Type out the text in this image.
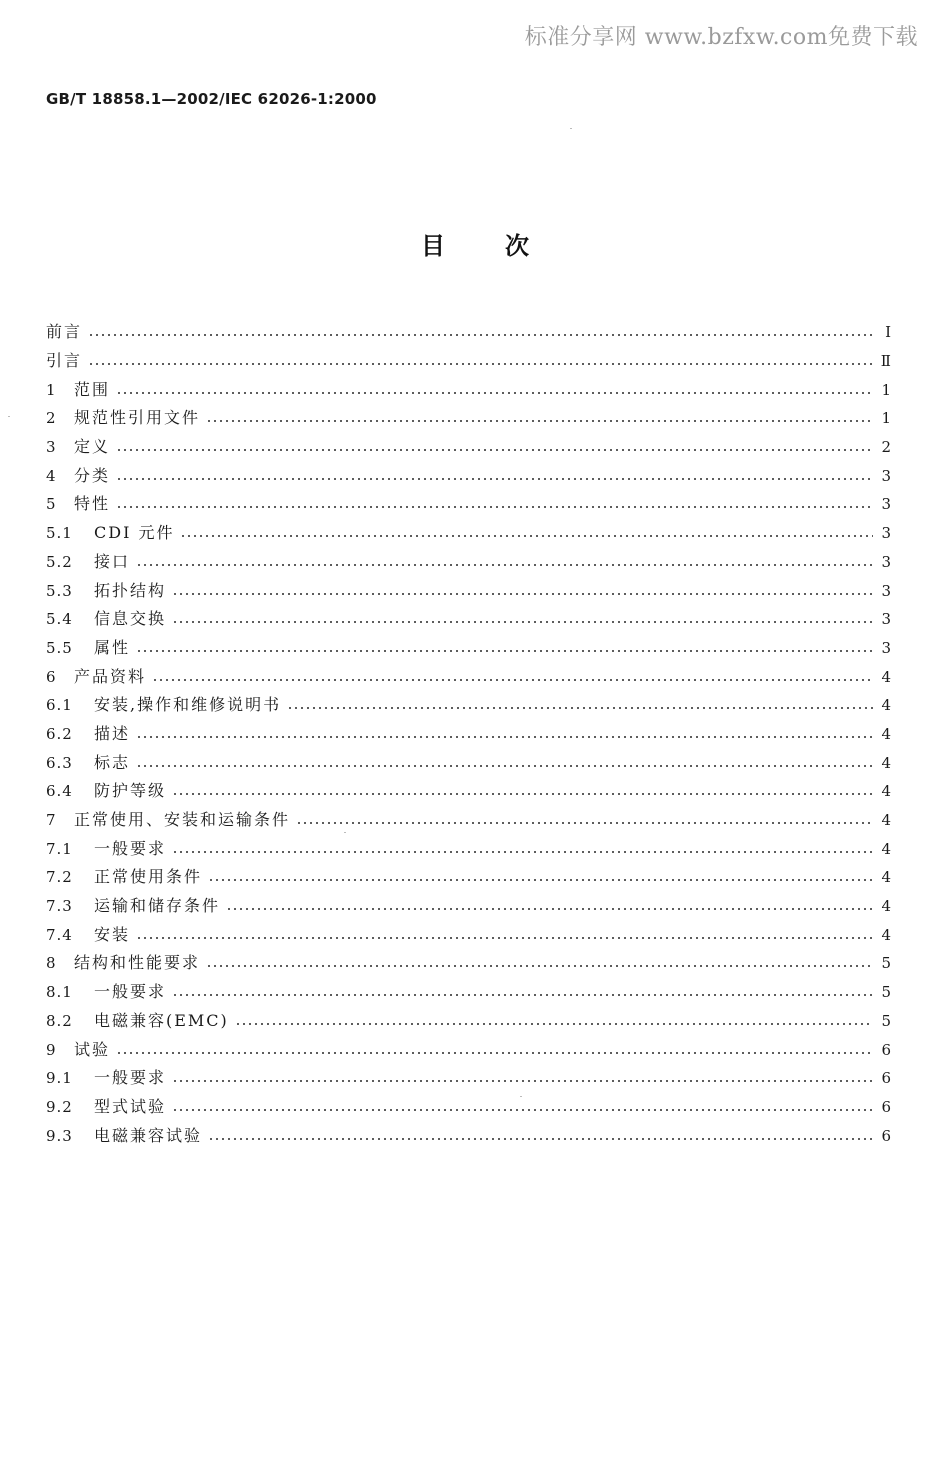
标准分享网 www.bzfxw.com免费下载
GB/T 18858.1—2002/IEC 62026-1:2000
目次
前言	I
引言	Ⅱ
1	范围	1
2	规范性引用文件	1
3	定义	2
4	分类	3
5	特性	3
5.1	CDI 元件	3
5.2	接口	3
5.3	拓扑结构	3
5.4	信息交换	3
5.5	属性	3
6	产品资料	4
6.1	安装,操作和维修说明书	4
6.2	描述	4
6.3	标志	4
6.4	防护等级	4
7	正常使用、安装和运输条件	4
7.1	一般要求	4
7.2	正常使用条件	4
7.3	运输和储存条件	4
7.4	安装	4
8	结构和性能要求	5
8.1	一般要求	5
8.2	电磁兼容(EMC)	5
9	试验	6
9.1	一般要求	6
9.2	型式试验	6
9.3	电磁兼容试验	6
